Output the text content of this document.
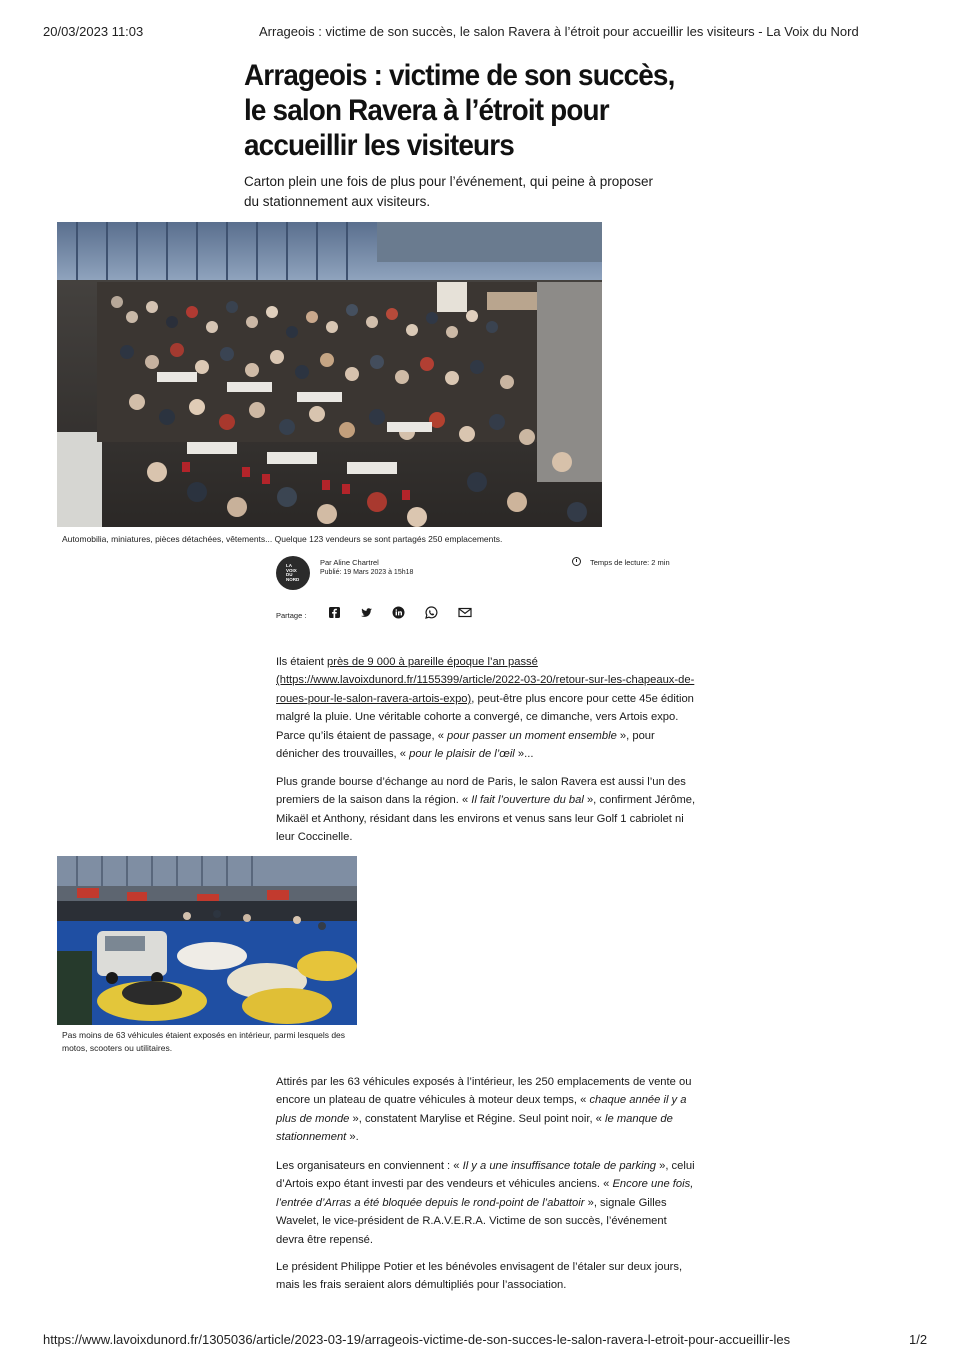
20/03/2023 11:03	Arrageois : victime de son succès, le salon Ravera à l’étroit pour accueillir les visiteurs - La Voix du Nord
Arrageois : victime de son succès, le salon Ravera à l’étroit pour accueillir les visiteurs

Carton plein une fois de plus pour l’événement, qui peine à proposer du stationnement aux visiteurs.

Automobilia, miniatures, pièces détachées, vêtements... Quelque 123 vendeurs se sont partagés 250 emplacements.

LA VOIX DU NORD
Par Aline Chartrel
Publié: 19 Mars 2023 à 15h18
Temps de lecture: 2 min
Partage :

Ils étaient près de 9 000 à pareille époque l’an passé (https://www.lavoixdunord.fr/1155399/article/2022-03-20/retour-sur-les-chapeaux-de-roues-pour-le-salon-ravera-artois-expo), peut-être plus encore pour cette 45e édition malgré la pluie. Une véritable cohorte a convergé, ce dimanche, vers Artois expo. Parce qu’ils étaient de passage, « pour passer un moment ensemble », pour dénicher des trouvailles, « pour le plaisir de l’œil »...

Plus grande bourse d’échange au nord de Paris, le salon Ravera est aussi l’un des premiers de la saison dans la région. « Il fait l’ouverture du bal », confirment Jérôme, Mikaël et Anthony, résidant dans les environs et venus sans leur Golf 1 cabriolet ni leur Coccinelle.

Pas moins de 63 véhicules étaient exposés en intérieur, parmi lesquels des motos, scooters ou utilitaires.

Attirés par les 63 véhicules exposés à l’intérieur, les 250 emplacements de vente ou encore un plateau de quatre véhicules à moteur deux temps, « chaque année il y a plus de monde », constatent Marylise et Régine. Seul point noir, « le manque de stationnement ».

Les organisateurs en conviennent : « Il y a une insuffisance totale de parking », celui d’Artois expo étant investi par des vendeurs et véhicules anciens. « Encore une fois, l’entrée d’Arras a été bloquée depuis le rond-point de l’abattoir », signale Gilles Wavelet, le vice-président de R.A.V.E.R.A. Victime de son succès, l’événement devra être repensé.

Le président Philippe Potier et les bénévoles envisagent de l’étaler sur deux jours, mais les frais seraient alors démultipliés pour l’association.

https://www.lavoixdunord.fr/1305036/article/2023-03-19/arrageois-victime-de-son-succes-le-salon-ravera-l-etroit-pour-accueillir-les	1/2
